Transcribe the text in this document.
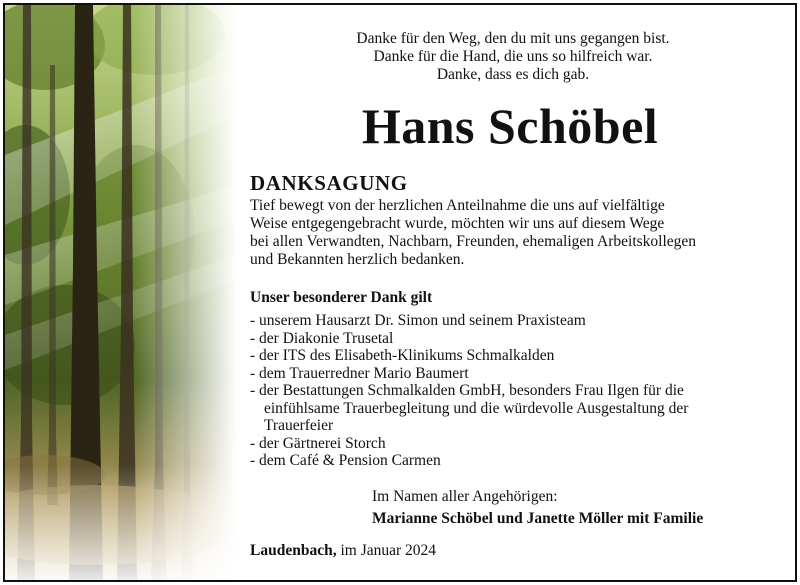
Danke für den Weg, den du mit uns gegangen bist.
Danke für die Hand, die uns so hilfreich war.
Danke, dass es dich gab.
Hans Schöbel
DANKSAGUNG
Tief bewegt von der herzlichen Anteilnahme die uns auf vielfältige
Weise entgegengebracht wurde, möchten wir uns auf diesem Wege
bei allen Verwandten, Nachbarn, Freunden, ehemaligen Arbeitskollegen
und Bekannten herzlich bedanken.
Unser besonderer Dank gilt
- unserem Hausarzt Dr. Simon und seinem Praxisteam
- der Diakonie Trusetal
- der ITS des Elisabeth-Klinikums Schmalkalden
- dem Trauerredner Mario Baumert
- der Bestattungen Schmalkalden GmbH, besonders Frau Ilgen für die
einfühlsame Trauerbegleitung und die würdevolle Ausgestaltung der
Trauerfeier
- der Gärtnerei Storch
- dem Café & Pension Carmen
Im Namen aller Angehörigen:
Marianne Schöbel und Janette Möller mit Familie
Laudenbach, im Januar 2024
